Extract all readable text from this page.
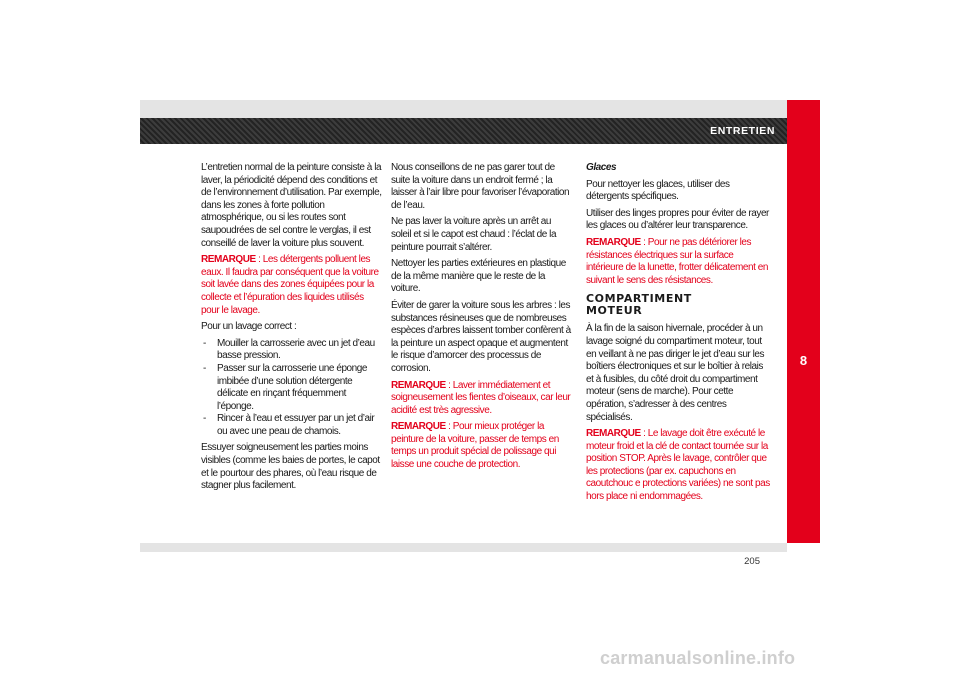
ENTRETIEN
8

L’entretien normal de la peinture consiste à la laver, la périodicité dépend des conditions et de l’environnement d’utilisation. Par exemple, dans les zones à forte pollution atmosphérique, ou si les routes sont saupoudrées de sel contre le verglas, il est conseillé de laver la voiture plus souvent.

REMARQUE : Les détergents polluent les eaux. Il faudra par conséquent que la voiture soit lavée dans des zones équipées pour la collecte et l’épuration des liquides utilisés pour le lavage.

Pour un lavage correct :

- Mouiller la carrosserie avec un jet d’eau basse pression.
- Passer sur la carrosserie une éponge imbibée d’une solution détergente délicate en rinçant fréquemment l’éponge.
- Rincer à l’eau et essuyer par un jet d’air ou avec une peau de chamois.

Essuyer soigneusement les parties moins visibles (comme les baies de portes, le capot et le pourtour des phares, où l’eau risque de stagner plus facilement.

Nous conseillons de ne pas garer tout de suite la voiture dans un endroit fermé ; la laisser à l’air libre pour favoriser l’évaporation de l’eau.

Ne pas laver la voiture après un arrêt au soleil et si le capot est chaud : l’éclat de la peinture pourrait s’altérer.

Nettoyer les parties extérieures en plastique de la même manière que le reste de la voiture.

Éviter de garer la voiture sous les arbres : les substances résineuses que de nombreuses espèces d’arbres laissent tomber confèrent à la peinture un aspect opaque et augmentent le risque d’amorcer des processus de corrosion.

REMARQUE : Laver immédiatement et soigneusement les fientes d’oiseaux, car leur acidité est très agressive.

REMARQUE : Pour mieux protéger la peinture de la voiture, passer de temps en temps un produit spécial de polissage qui laisse une couche de protection.

Glaces

Pour nettoyer les glaces, utiliser des détergents spécifiques.

Utiliser des linges propres pour éviter de rayer les glaces ou d’altérer leur transparence.

REMARQUE : Pour ne pas détériorer les résistances électriques sur la surface intérieure de la lunette, frotter délicatement en suivant le sens des résistances.

COMPARTIMENT
MOTEUR

À la fin de la saison hivernale, procéder à un lavage soigné du compartiment moteur, tout en veillant à ne pas diriger le jet d’eau sur les boîtiers électroniques et sur le boîtier à relais et à fusibles, du côté droit du compartiment moteur (sens de marche). Pour cette opération, s’adresser à des centres spécialisés.

REMARQUE : Le lavage doit être exécuté le moteur froid et la clé de contact tournée sur la position STOP. Après le lavage, contrôler que les protections (par ex. capuchons en caoutchouc e protections variées) ne sont pas hors place ni endommagées.

205
carmanualsonline.info
